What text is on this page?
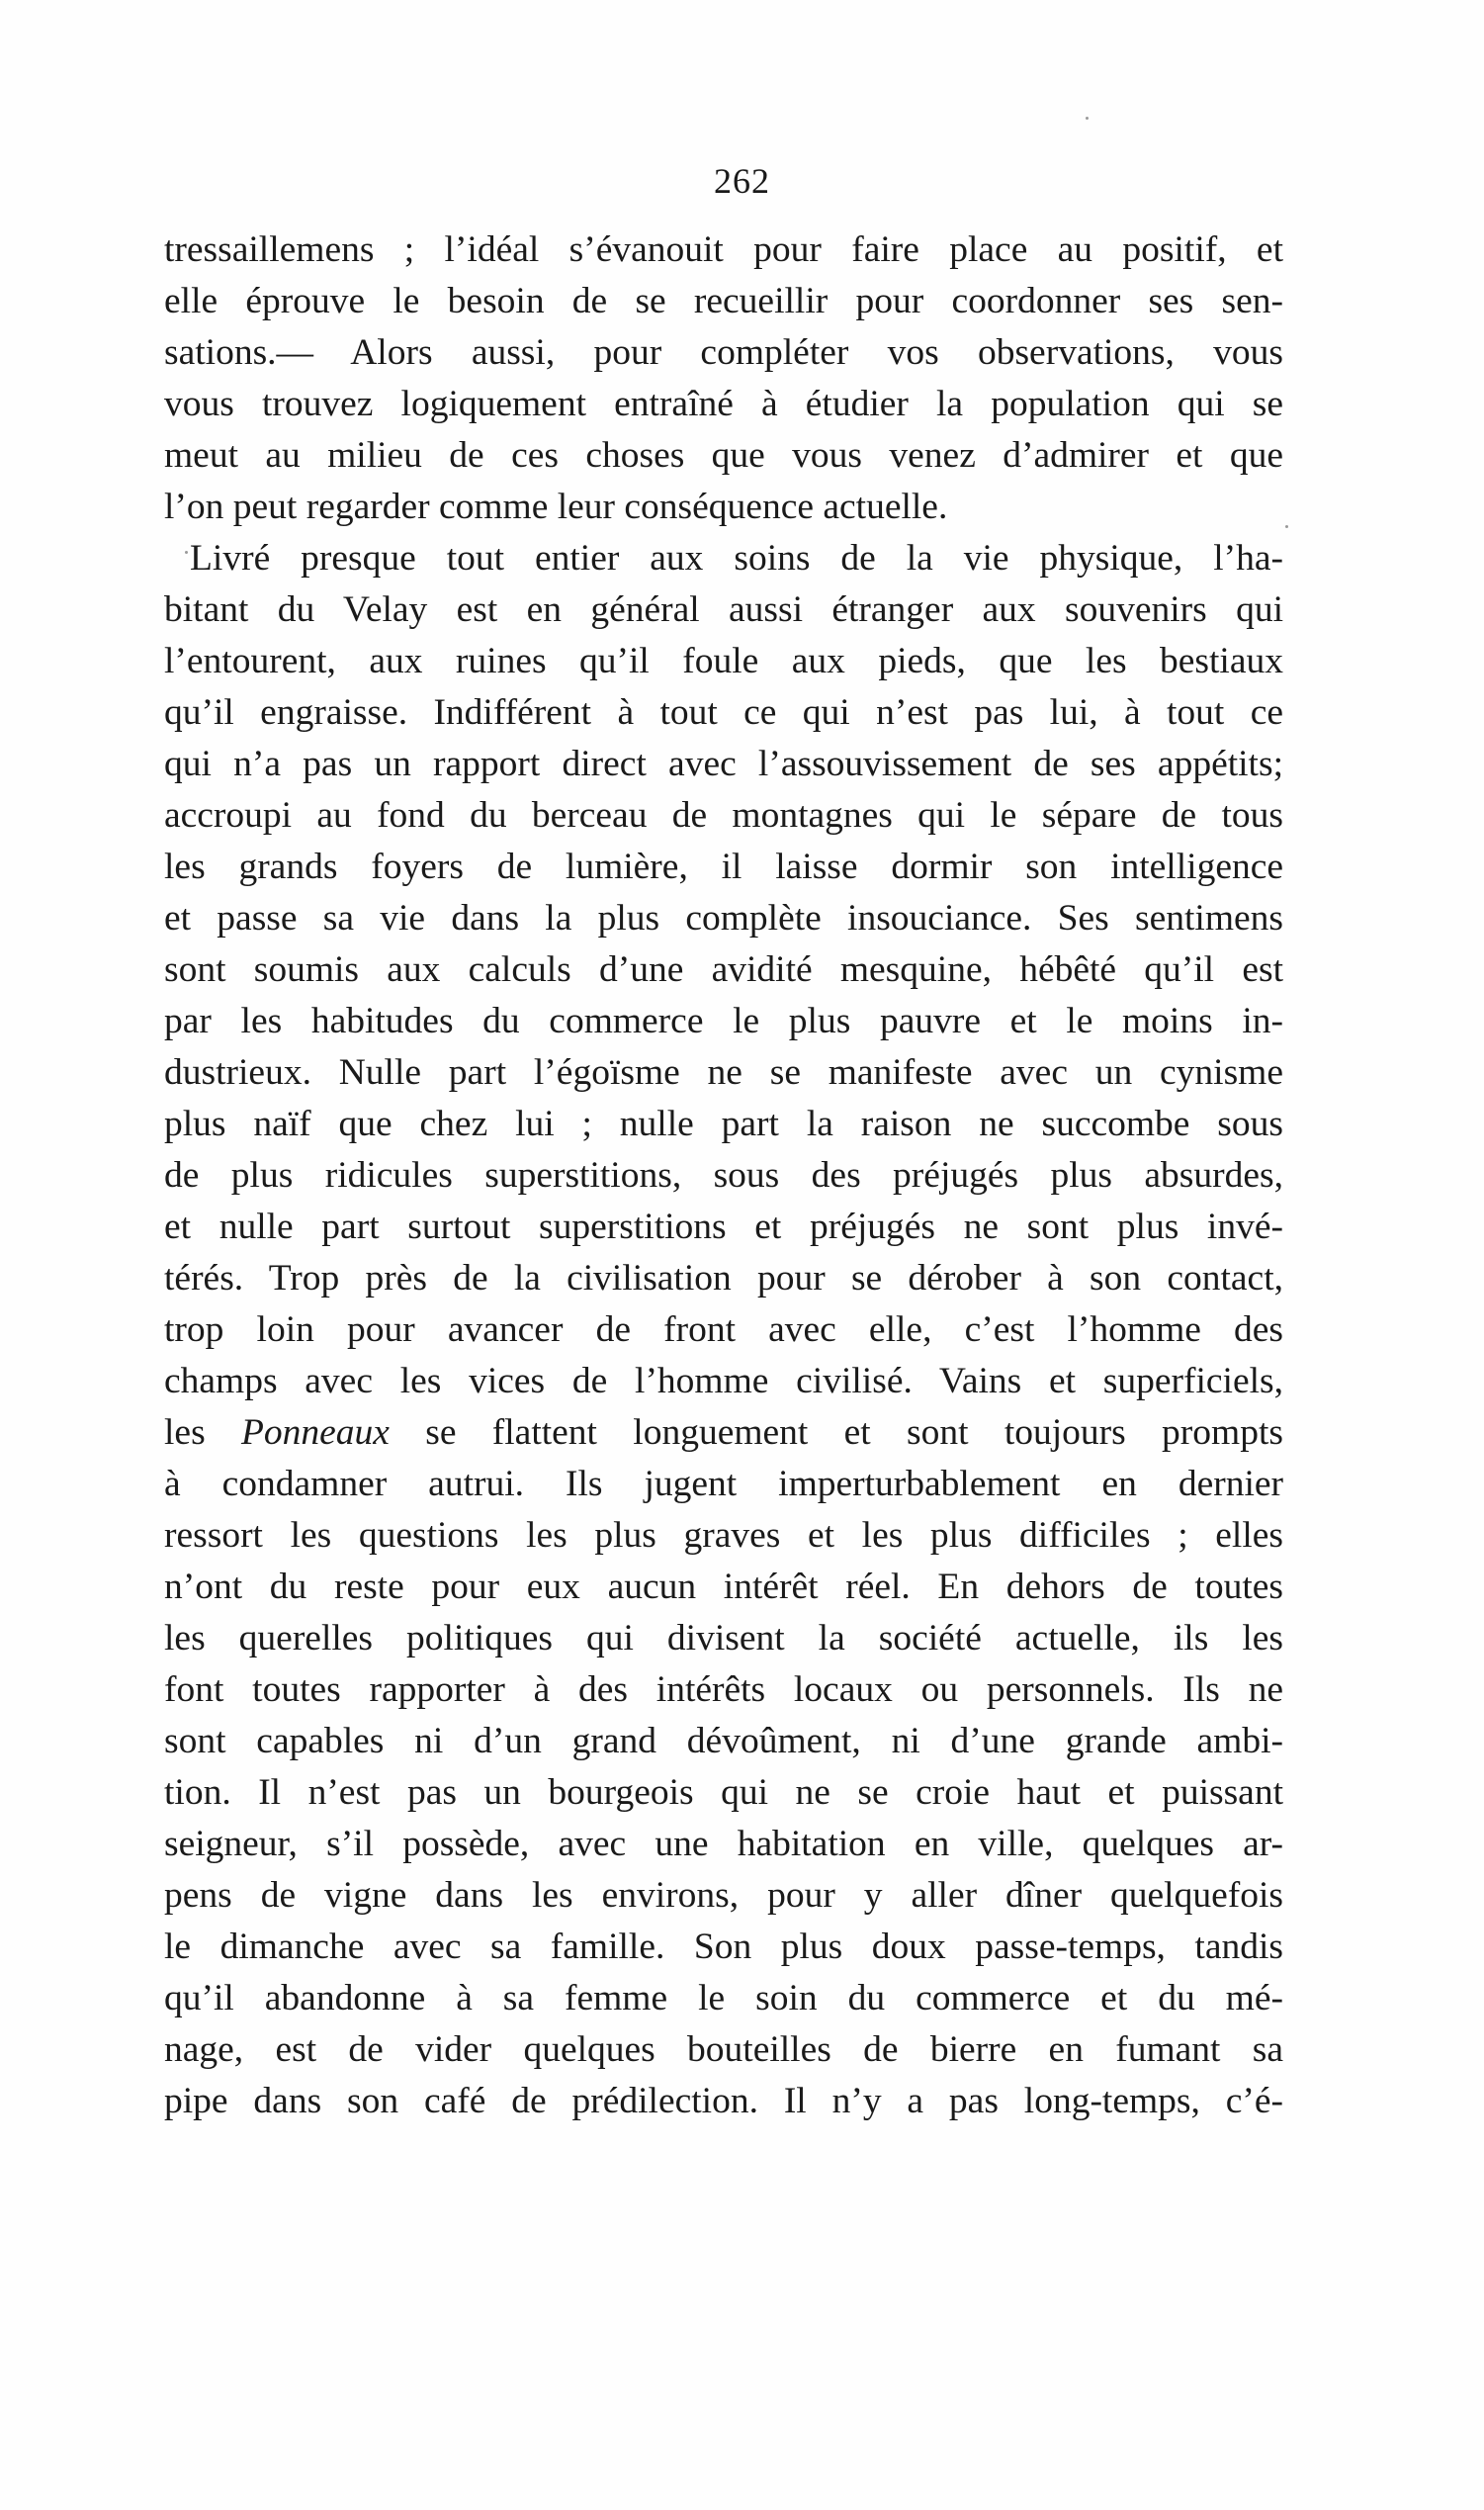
262
tressaillemens ; l’idéal s’évanouit pour faire place au positif, et
elle éprouve le besoin de se recueillir pour coordonner ses sen-
sations.— Alors aussi, pour compléter vos observations, vous
vous trouvez logiquement entraîné à étudier la population qui se
meut au milieu de ces choses que vous venez d’admirer et que
l’on peut regarder comme leur conséquence actuelle.
Livré presque tout entier aux soins de la vie physique, l’ha-
bitant du Velay est en général aussi étranger aux souvenirs qui
l’entourent, aux ruines qu’il foule aux pieds, que les bestiaux
qu’il engraisse. Indifférent à tout ce qui n’est pas lui, à tout ce
qui n’a pas un rapport direct avec l’assouvissement de ses appétits;
accroupi au fond du berceau de montagnes qui le sépare de tous
les grands foyers de lumière, il laisse dormir son intelligence
et passe sa vie dans la plus complète insouciance. Ses sentimens
sont soumis aux calculs d’une avidité mesquine, hébêté qu’il est
par les habitudes du commerce le plus pauvre et le moins in-
dustrieux. Nulle part l’égoïsme ne se manifeste avec un cynisme
plus naïf que chez lui ; nulle part la raison ne succombe sous
de plus ridicules superstitions, sous des préjugés plus absurdes,
et nulle part surtout superstitions et préjugés ne sont plus invé-
térés. Trop près de la civilisation pour se dérober à son contact,
trop loin pour avancer de front avec elle, c’est l’homme des
champs avec les vices de l’homme civilisé. Vains et superficiels,
les Ponneaux se flattent longuement et sont toujours prompts
à condamner autrui. Ils jugent imperturbablement en dernier
ressort les questions les plus graves et les plus difficiles ; elles
n’ont du reste pour eux aucun intérêt réel. En dehors de toutes
les querelles politiques qui divisent la société actuelle, ils les
font toutes rapporter à des intérêts locaux ou personnels. Ils ne
sont capables ni d’un grand dévoûment, ni d’une grande ambi-
tion. Il n’est pas un bourgeois qui ne se croie haut et puissant
seigneur, s’il possède, avec une habitation en ville, quelques ar-
pens de vigne dans les environs, pour y aller dîner quelquefois
le dimanche avec sa famille. Son plus doux passe-temps, tandis
qu’il abandonne à sa femme le soin du commerce et du mé-
nage, est de vider quelques bouteilles de bierre en fumant sa
pipe dans son café de prédilection. Il n’y a pas long-temps, c’é-
